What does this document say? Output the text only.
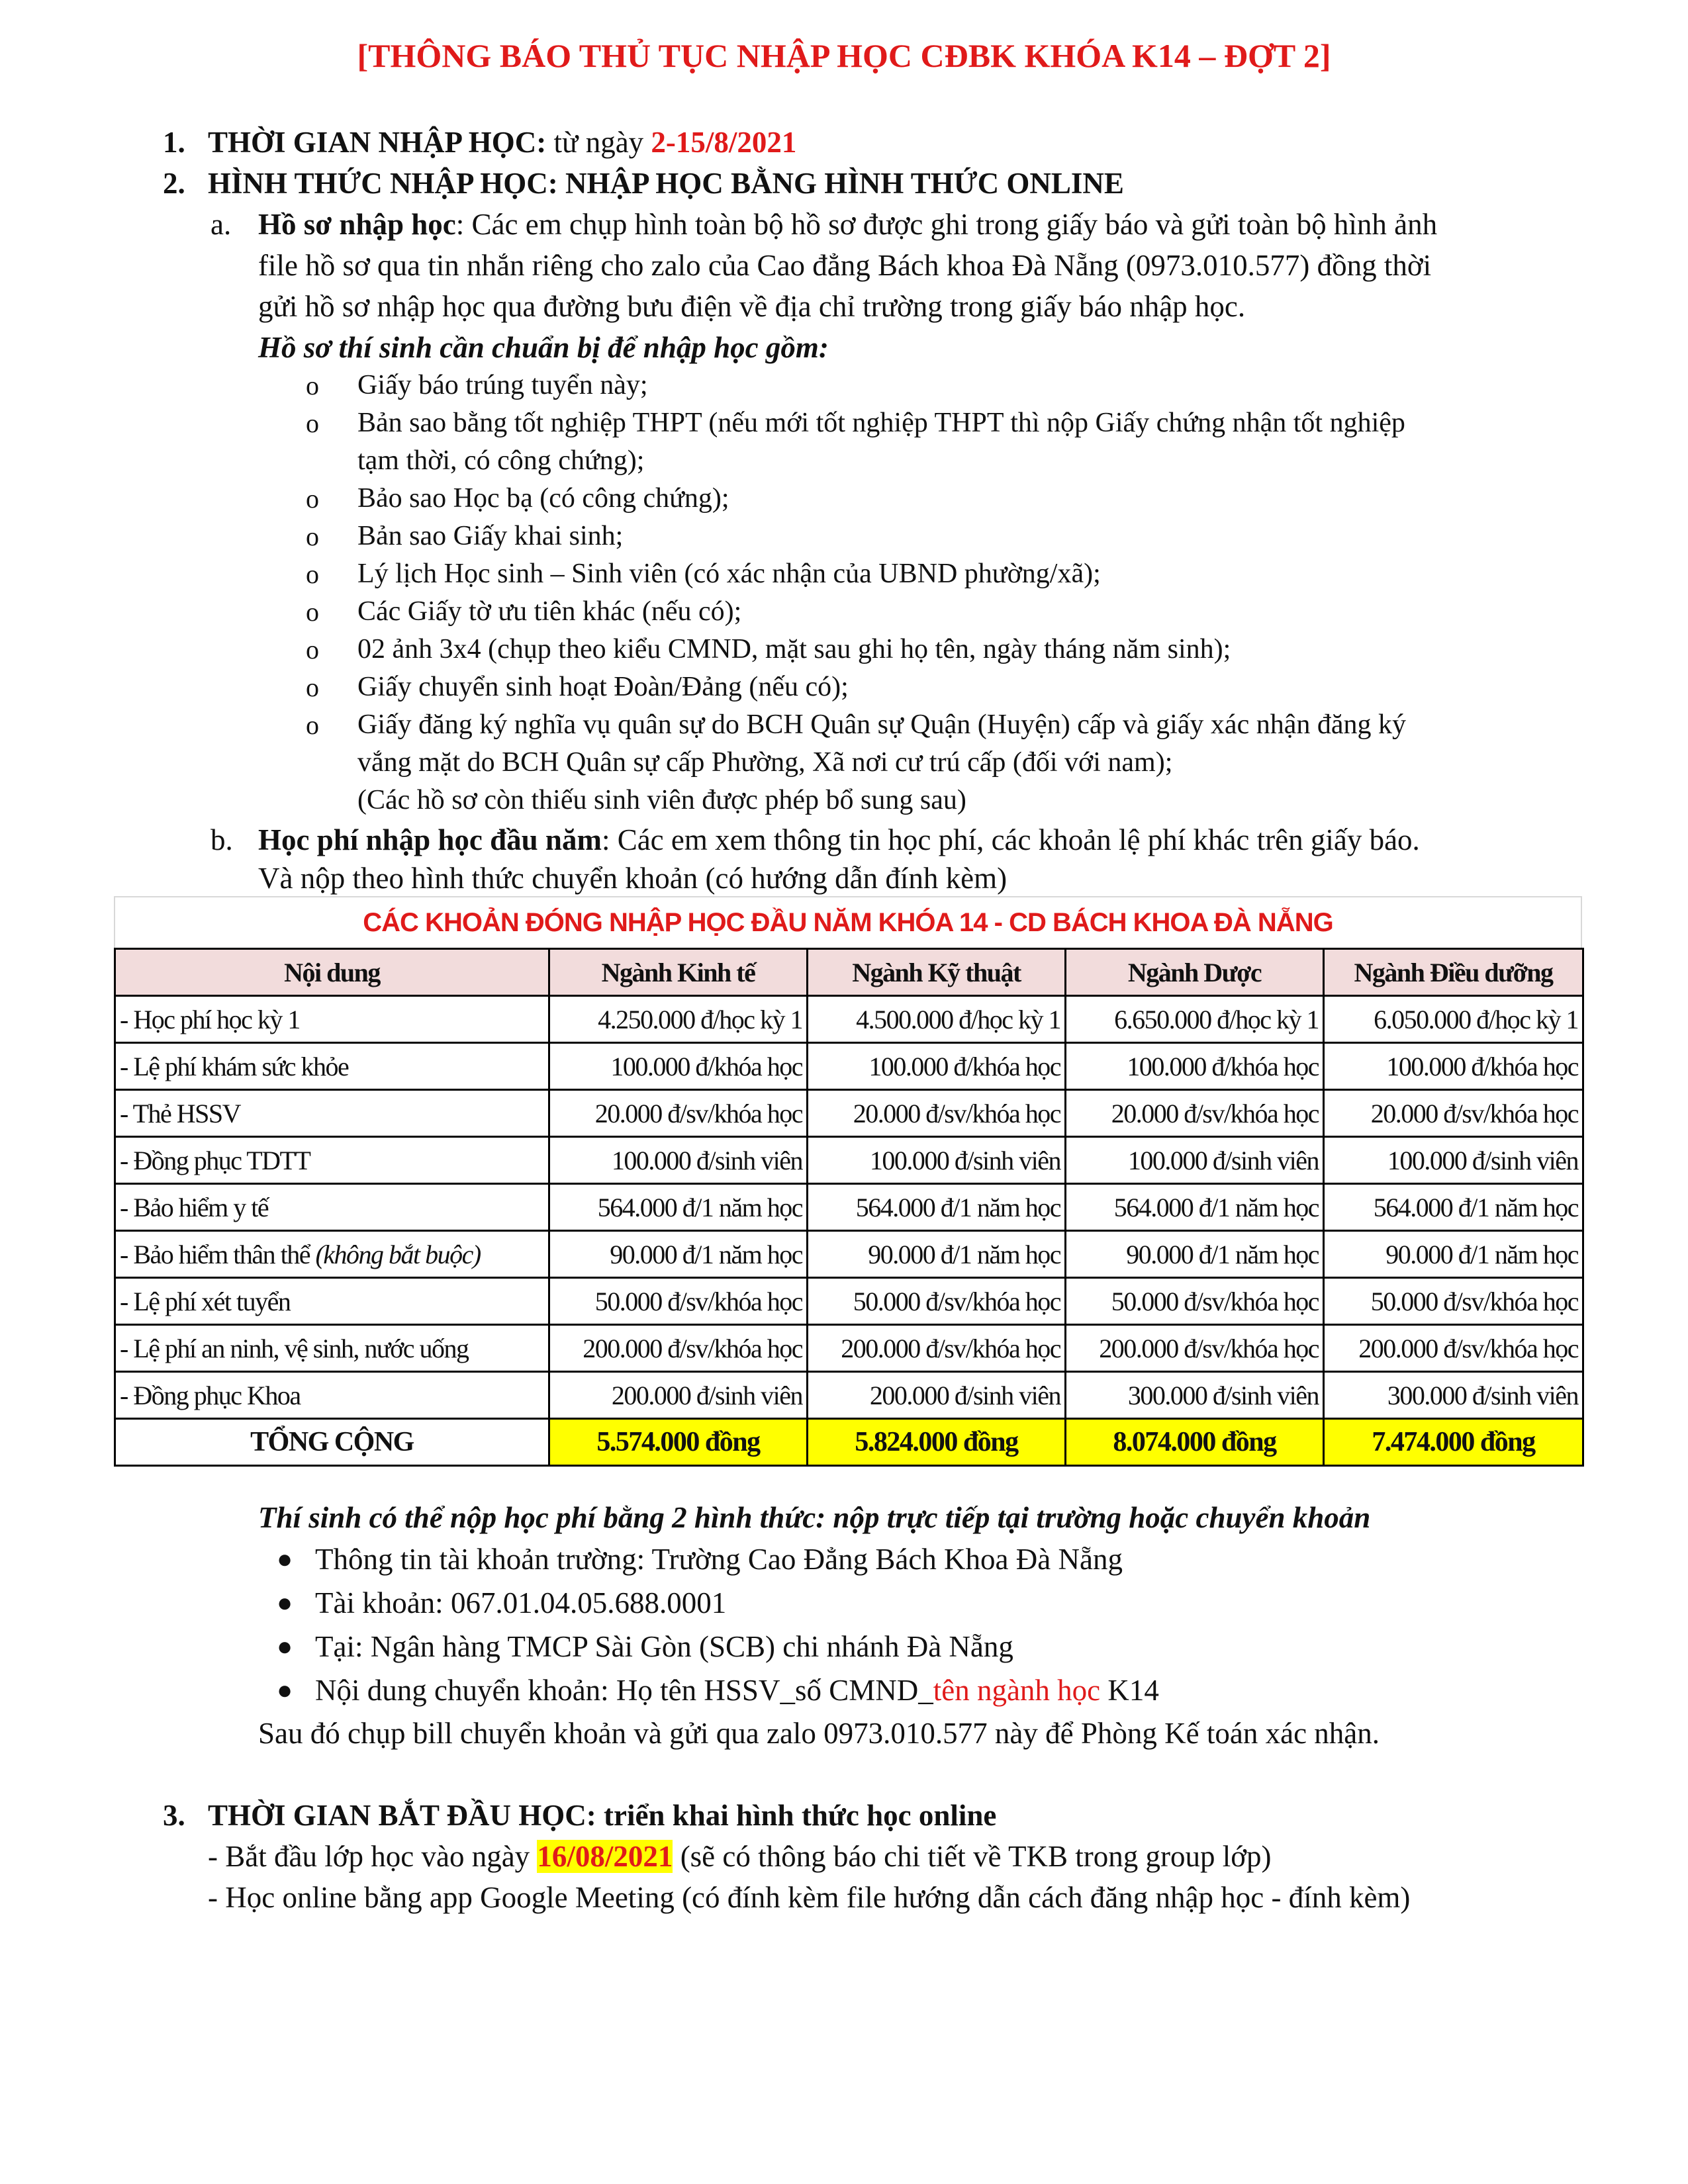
[THÔNG BÁO THỦ TỤC NHẬP HỌC CĐBK KHÓA K14 – ĐỢT 2]
1. THỜI GIAN NHẬP HỌC: từ ngày 2-15/8/2021
2. HÌNH THỨC NHẬP HỌC: NHẬP HỌC BẰNG HÌNH THỨC ONLINE
a. Hồ sơ nhập học: Các em chụp hình toàn bộ hồ sơ được ghi trong giấy báo và gửi toàn bộ hình ảnh
file hồ sơ qua tin nhắn riêng cho zalo của Cao đẳng Bách khoa Đà Nẵng (0973.010.577) đồng thời
gửi hồ sơ nhập học qua đường bưu điện về địa chỉ trường trong giấy báo nhập học.
Hồ sơ thí sinh cần chuẩn bị để nhập học gồm:
o Giấy báo trúng tuyển này;
o Bản sao bằng tốt nghiệp THPT (nếu mới tốt nghiệp THPT thì nộp Giấy chứng nhận tốt nghiệp
tạm thời, có công chứng);
o Bảo sao Học bạ (có công chứng);
o Bản sao Giấy khai sinh;
o Lý lịch Học sinh – Sinh viên (có xác nhận của UBND phường/xã);
o Các Giấy tờ ưu tiên khác (nếu có);
o 02 ảnh 3x4 (chụp theo kiểu CMND, mặt sau ghi họ tên, ngày tháng năm sinh);
o Giấy chuyển sinh hoạt Đoàn/Đảng (nếu có);
o Giấy đăng ký nghĩa vụ quân sự do BCH Quân sự Quận (Huyện) cấp và giấy xác nhận đăng ký
vắng mặt do BCH Quân sự cấp Phường, Xã nơi cư trú cấp (đối với nam);
(Các hồ sơ còn thiếu sinh viên được phép bổ sung sau)
b. Học phí nhập học đầu năm: Các em xem thông tin học phí, các khoản lệ phí khác trên giấy báo.
Và nộp theo hình thức chuyển khoản (có hướng dẫn đính kèm)
CÁC KHOẢN ĐÓNG NHẬP HỌC ĐẦU NĂM KHÓA 14 - CD BÁCH KHOA ĐÀ NẴNG
Nội dung	Ngành Kinh tế	Ngành Kỹ thuật	Ngành Dược	Ngành Điều dưỡng
- Học phí học kỳ 1	4.250.000 đ/học kỳ 1	4.500.000 đ/học kỳ 1	6.650.000 đ/học kỳ 1	6.050.000 đ/học kỳ 1
- Lệ phí khám sức khỏe	100.000 đ/khóa học	100.000 đ/khóa học	100.000 đ/khóa học	100.000 đ/khóa học
- Thẻ HSSV	20.000 đ/sv/khóa học	20.000 đ/sv/khóa học	20.000 đ/sv/khóa học	20.000 đ/sv/khóa học
- Đồng phục TDTT	100.000 đ/sinh viên	100.000 đ/sinh viên	100.000 đ/sinh viên	100.000 đ/sinh viên
- Bảo hiểm y tế	564.000 đ/1 năm học	564.000 đ/1 năm học	564.000 đ/1 năm học	564.000 đ/1 năm học
- Bảo hiểm thân thể (không bắt buộc)	90.000 đ/1 năm học	90.000 đ/1 năm học	90.000 đ/1 năm học	90.000 đ/1 năm học
- Lệ phí xét tuyển	50.000 đ/sv/khóa học	50.000 đ/sv/khóa học	50.000 đ/sv/khóa học	50.000 đ/sv/khóa học
- Lệ phí an ninh, vệ sinh, nước uống	200.000 đ/sv/khóa học	200.000 đ/sv/khóa học	200.000 đ/sv/khóa học	200.000 đ/sv/khóa học
- Đồng phục Khoa	200.000 đ/sinh viên	200.000 đ/sinh viên	300.000 đ/sinh viên	300.000 đ/sinh viên
TỔNG CỘNG	5.574.000 đồng	5.824.000 đồng	8.074.000 đồng	7.474.000 đồng
Thí sinh có thể nộp học phí bằng 2 hình thức: nộp trực tiếp tại trường hoặc chuyển khoản
● Thông tin tài khoản trường: Trường Cao Đẳng Bách Khoa Đà Nẵng
● Tài khoản: 067.01.04.05.688.0001
● Tại: Ngân hàng TMCP Sài Gòn (SCB) chi nhánh Đà Nẵng
● Nội dung chuyển khoản: Họ tên HSSV_số CMND_tên ngành học K14
Sau đó chụp bill chuyển khoản và gửi qua zalo 0973.010.577 này để Phòng Kế toán xác nhận.
3. THỜI GIAN BẮT ĐẦU HỌC: triển khai hình thức học online
- Bắt đầu lớp học vào ngày 16/08/2021 (sẽ có thông báo chi tiết về TKB trong group lớp)
- Học online bằng app Google Meeting (có đính kèm file hướng dẫn cách đăng nhập học - đính kèm)
